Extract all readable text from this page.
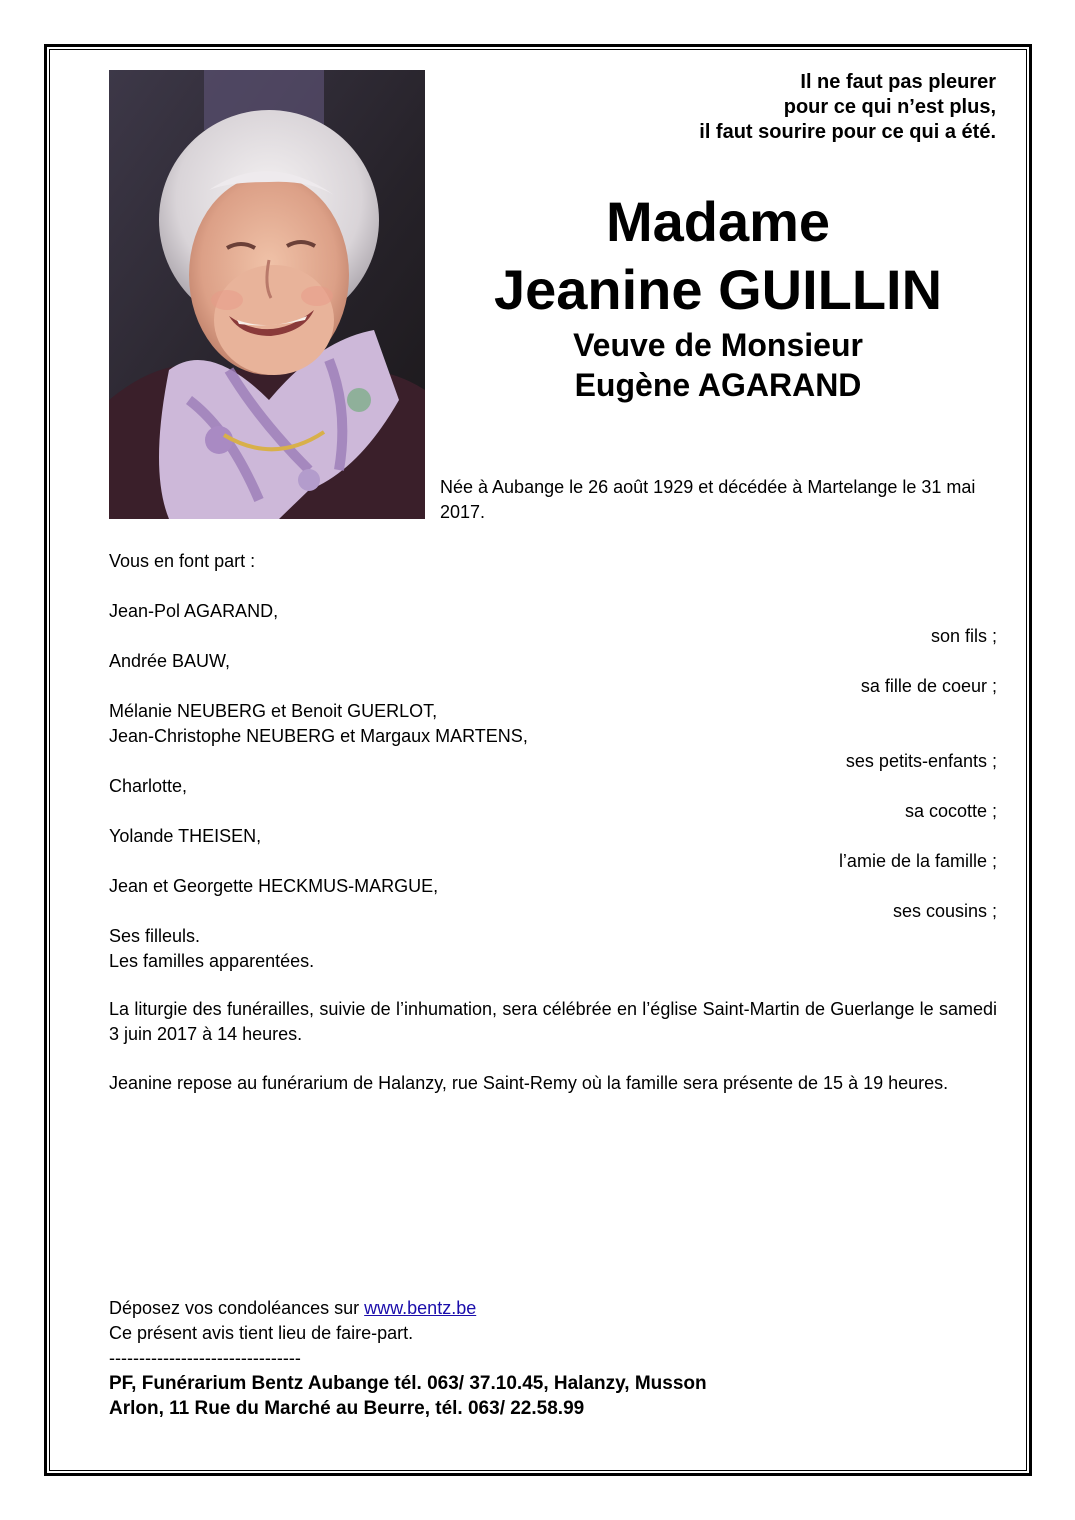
Il ne faut pas pleurer
pour ce qui n’est plus,
il faut sourire pour ce qui a été.
Madame
Jeanine GUILLIN
Veuve de Monsieur
Eugène AGARAND
Née à Aubange le 26 août 1929 et décédée à Martelange le 31 mai 2017.
Vous en font part :
Jean-Pol AGARAND,
son fils ;
Andrée BAUW,
sa fille de coeur ;
Mélanie NEUBERG et Benoit GUERLOT,
Jean-Christophe NEUBERG et Margaux MARTENS,
ses petits-enfants ;
Charlotte,
sa cocotte ;
Yolande THEISEN,
l’amie de la famille ;
Jean et Georgette HECKMUS-MARGUE,
ses cousins ;
Ses filleuls.
Les familles apparentées.
La liturgie des funérailles, suivie de l’inhumation, sera célébrée en l’église Saint-Martin de Guerlange le samedi 3 juin 2017 à 14 heures.
Jeanine repose au funérarium de Halanzy, rue Saint-Remy où la famille sera présente de 15 à 19 heures.
Déposez vos condoléances sur www.bentz.be
Ce présent avis tient lieu de faire-part.
--------------------------------
PF, Funérarium Bentz Aubange tél. 063/ 37.10.45, Halanzy, Musson
Arlon, 11 Rue du Marché au Beurre, tél. 063/ 22.58.99
